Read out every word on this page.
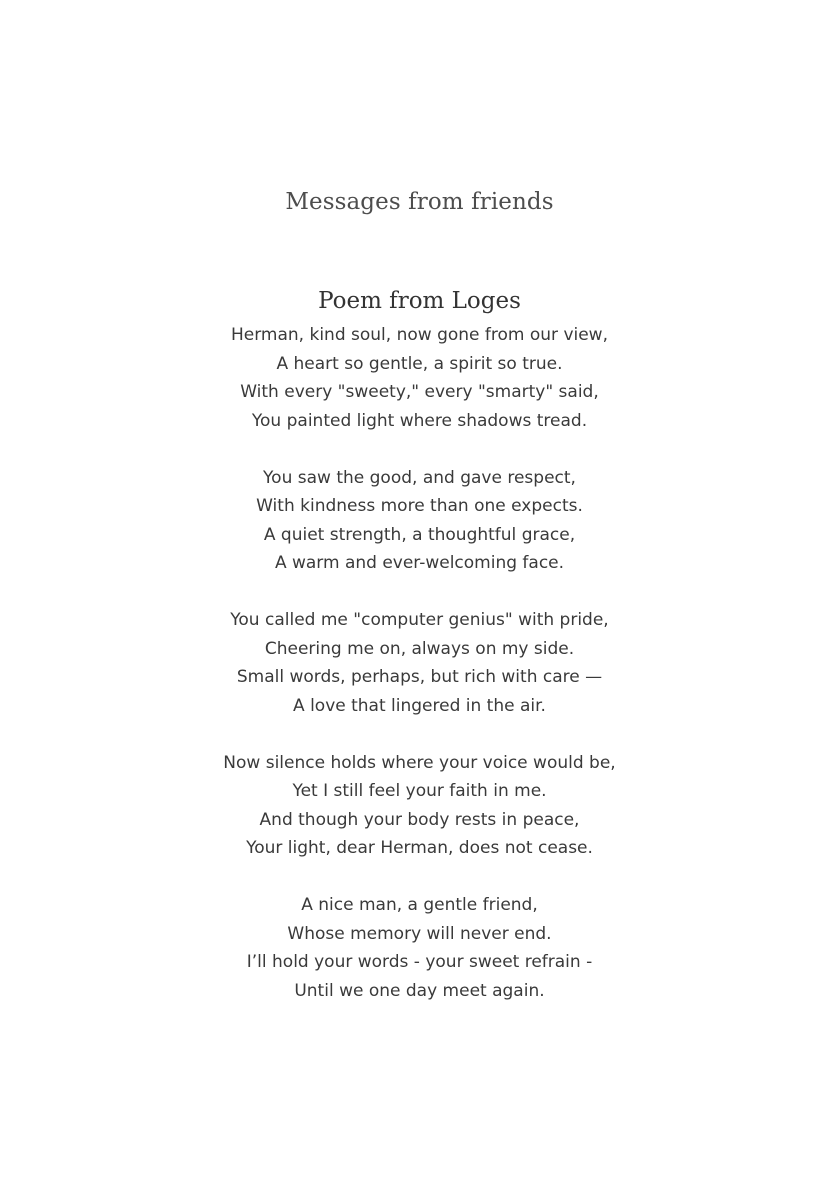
Messages from friends
Poem from Loges
Herman, kind soul, now gone from our view,
A heart so gentle, a spirit so true.
With every "sweety," every "smarty" said,
You painted light where shadows tread.
You saw the good, and gave respect,
With kindness more than one expects.
A quiet strength, a thoughtful grace,
A warm and ever-welcoming face.
You called me "computer genius" with pride,
Cheering me on, always on my side.
Small words, perhaps, but rich with care —
A love that lingered in the air.
Now silence holds where your voice would be,
Yet I still feel your faith in me.
And though your body rests in peace,
Your light, dear Herman, does not cease.
A nice man, a gentle friend,
Whose memory will never end.
I’ll hold your words - your sweet refrain -
Until we one day meet again.
